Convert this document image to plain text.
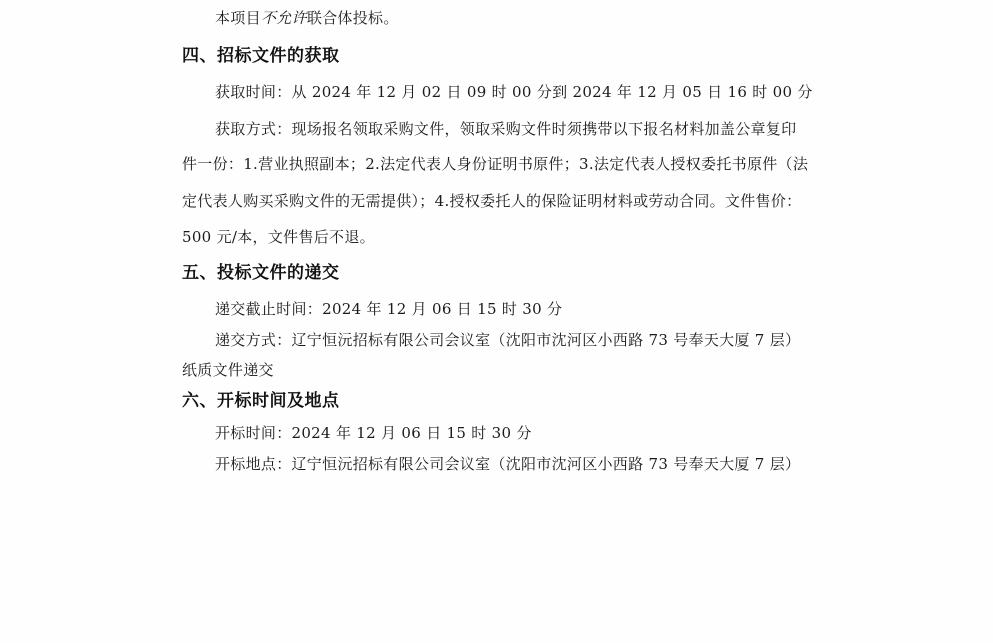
本项目不允许联合体投标。
四、招标文件的获取
获取时间：从 2024 年 12 月 02 日 09 时 00 分到 2024 年 12 月 05 日 16 时 00 分
获取方式：现场报名领取采购文件，领取采购文件时须携带以下报名材料加盖公章复印
件一份：1.营业执照副本；2.法定代表人身份证明书原件；3.法定代表人授权委托书原件（法
定代表人购买采购文件的无需提供）；4.授权委托人的保险证明材料或劳动合同。文件售价：
500 元/本，文件售后不退。
五、投标文件的递交
递交截止时间：2024 年 12 月 06 日 15 时 30 分
递交方式：辽宁恒沅招标有限公司会议室（沈阳市沈河区小西路 73 号奉天大厦 7 层）
纸质文件递交
六、开标时间及地点
开标时间：2024 年 12 月 06 日 15 时 30 分
开标地点：辽宁恒沅招标有限公司会议室（沈阳市沈河区小西路 73 号奉天大厦 7 层）
